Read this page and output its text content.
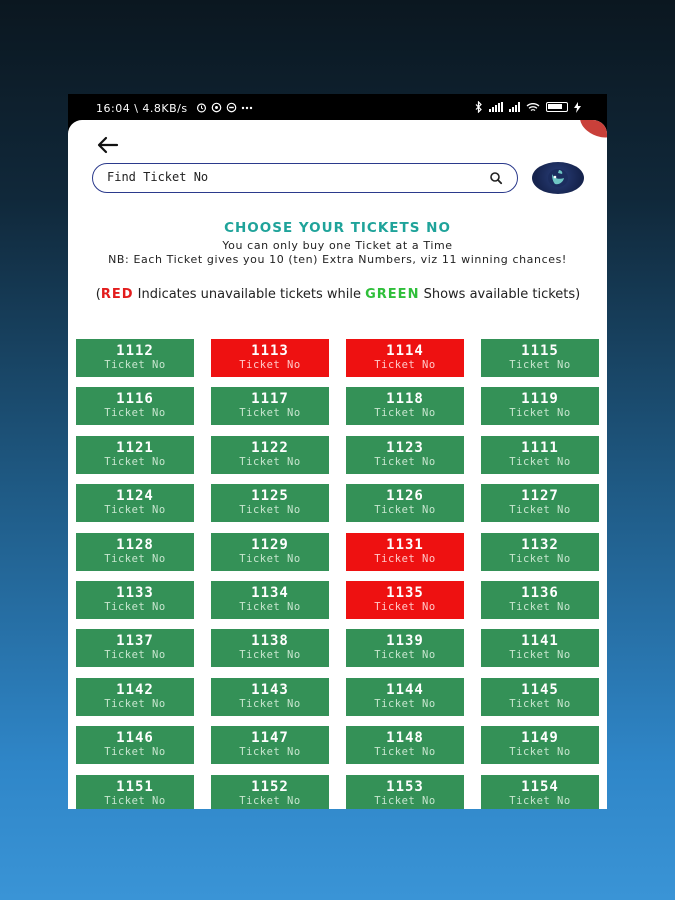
16:04 \ 4.8KB/s
Find Ticket No
CHOOSE YOUR TICKETS NO
You can only buy one Ticket at a Time
NB: Each Ticket gives you 10 (ten) Extra Numbers, viz 11 winning chances!
(RED Indicates unavailable tickets while GREEN Shows available tickets)
1112
Ticket No
1113
Ticket No
1114
Ticket No
1115
Ticket No
1116
Ticket No
1117
Ticket No
1118
Ticket No
1119
Ticket No
1121
Ticket No
1122
Ticket No
1123
Ticket No
1111
Ticket No
1124
Ticket No
1125
Ticket No
1126
Ticket No
1127
Ticket No
1128
Ticket No
1129
Ticket No
1131
Ticket No
1132
Ticket No
1133
Ticket No
1134
Ticket No
1135
Ticket No
1136
Ticket No
1137
Ticket No
1138
Ticket No
1139
Ticket No
1141
Ticket No
1142
Ticket No
1143
Ticket No
1144
Ticket No
1145
Ticket No
1146
Ticket No
1147
Ticket No
1148
Ticket No
1149
Ticket No
1151
Ticket No
1152
Ticket No
1153
Ticket No
1154
Ticket No
